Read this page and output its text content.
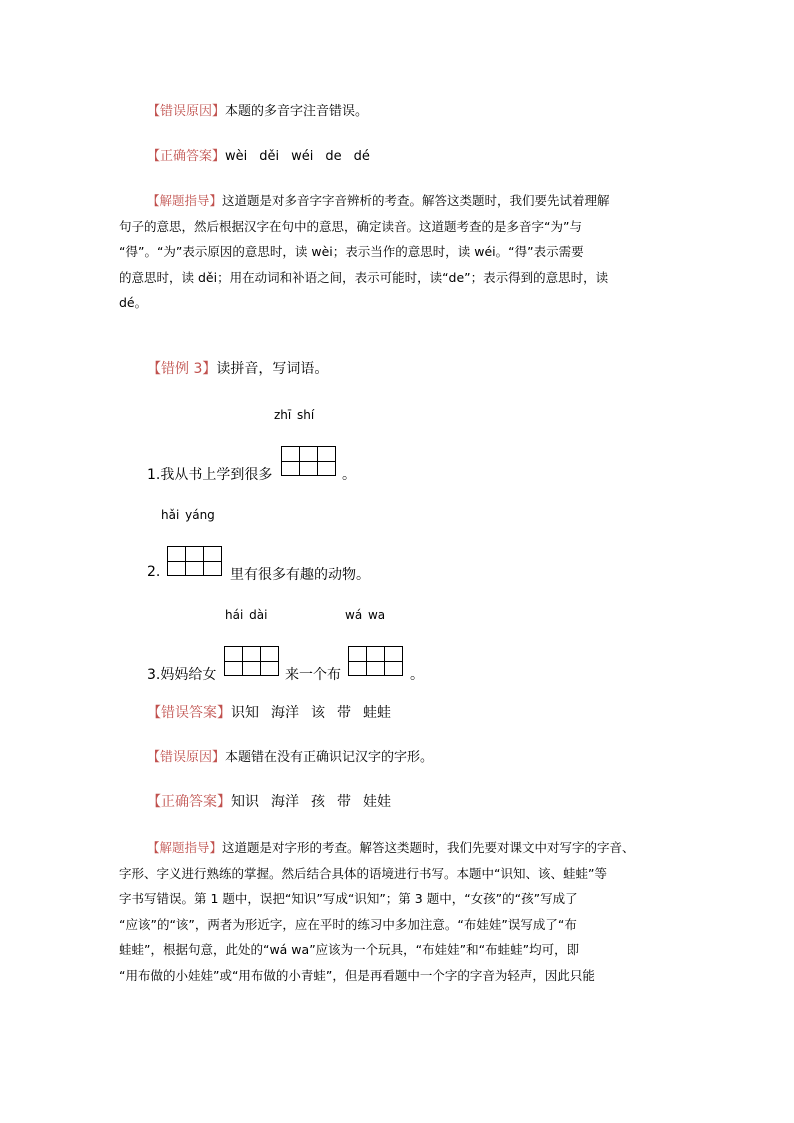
【错误原因】本题的多音字注音错误。
【正确答案】wèi děi wéi de dé
【解题指导】这道题是对多音字字音辨析的考查。解答这类题时，我们要先试着理解
句子的意思，然后根据汉字在句中的意思，确定读音。这道题考查的是多音字“为”与
“得”。“为”表示原因的意思时，读 wèi；表示当作的意思时，读 wéi。“得”表示需要
的意思时，读 děi；用在动词和补语之间，表示可能时，读“de”；表示得到的意思时，读
dé。
【错例 3】读拼音，写词语。
zhī shí
1.我从书上学到很多	。
hǎi yáng
2.	里有很多有趣的动物。
hái dài	wá wa
3.妈妈给女	来一个布	。
【错误答案】识知 海洋 该 带 蛙蛙
【错误原因】本题错在没有正确识记汉字的字形。
【正确答案】知识 海洋 孩 带 娃娃
【解题指导】这道题是对字形的考查。解答这类题时，我们先要对课文中对写字的字音、
字形、字义进行熟练的掌握。然后结合具体的语境进行书写。本题中“识知、该、蛙蛙”等
字书写错误。第 1 题中，误把“知识”写成“识知”；第 3 题中，“女孩”的“孩”写成了
“应该”的“该”，两者为形近字，应在平时的练习中多加注意。“布娃娃”误写成了“布
蛙蛙”，根据句意，此处的“wá wa”应该为一个玩具，“布娃娃”和“布蛙蛙”均可，即
“用布做的小娃娃”或“用布做的小青蛙”，但是再看题中一个字的字音为轻声，因此只能
